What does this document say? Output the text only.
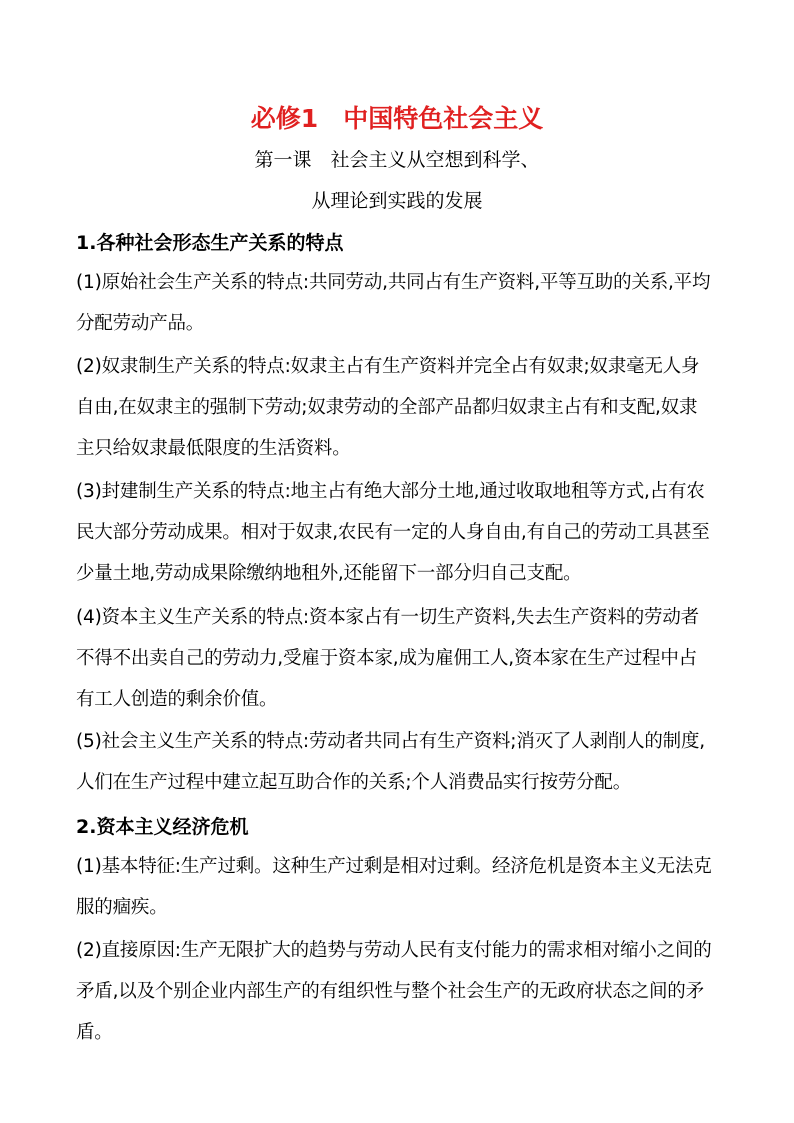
必修1　中国特色社会主义
第一课　社会主义从空想到科学、
从理论到实践的发展
1.各种社会形态生产关系的特点
(1)原始社会生产关系的特点:共同劳动,共同占有生产资料,平等互助的关系,平均
分配劳动产品。
(2)奴隶制生产关系的特点:奴隶主占有生产资料并完全占有奴隶;奴隶毫无人身
自由,在奴隶主的强制下劳动;奴隶劳动的全部产品都归奴隶主占有和支配,奴隶
主只给奴隶最低限度的生活资料。
(3)封建制生产关系的特点:地主占有绝大部分土地,通过收取地租等方式,占有农
民大部分劳动成果。相对于奴隶,农民有一定的人身自由,有自己的劳动工具甚至
少量土地,劳动成果除缴纳地租外,还能留下一部分归自己支配。
(4)资本主义生产关系的特点:资本家占有一切生产资料,失去生产资料的劳动者
不得不出卖自己的劳动力,受雇于资本家,成为雇佣工人,资本家在生产过程中占
有工人创造的剩余价值。
(5)社会主义生产关系的特点:劳动者共同占有生产资料;消灭了人剥削人的制度,
人们在生产过程中建立起互助合作的关系;个人消费品实行按劳分配。
2.资本主义经济危机
(1)基本特征:生产过剩。这种生产过剩是相对过剩。经济危机是资本主义无法克
服的痼疾。
(2)直接原因:生产无限扩大的趋势与劳动人民有支付能力的需求相对缩小之间的
矛盾,以及个别企业内部生产的有组织性与整个社会生产的无政府状态之间的矛
盾。
